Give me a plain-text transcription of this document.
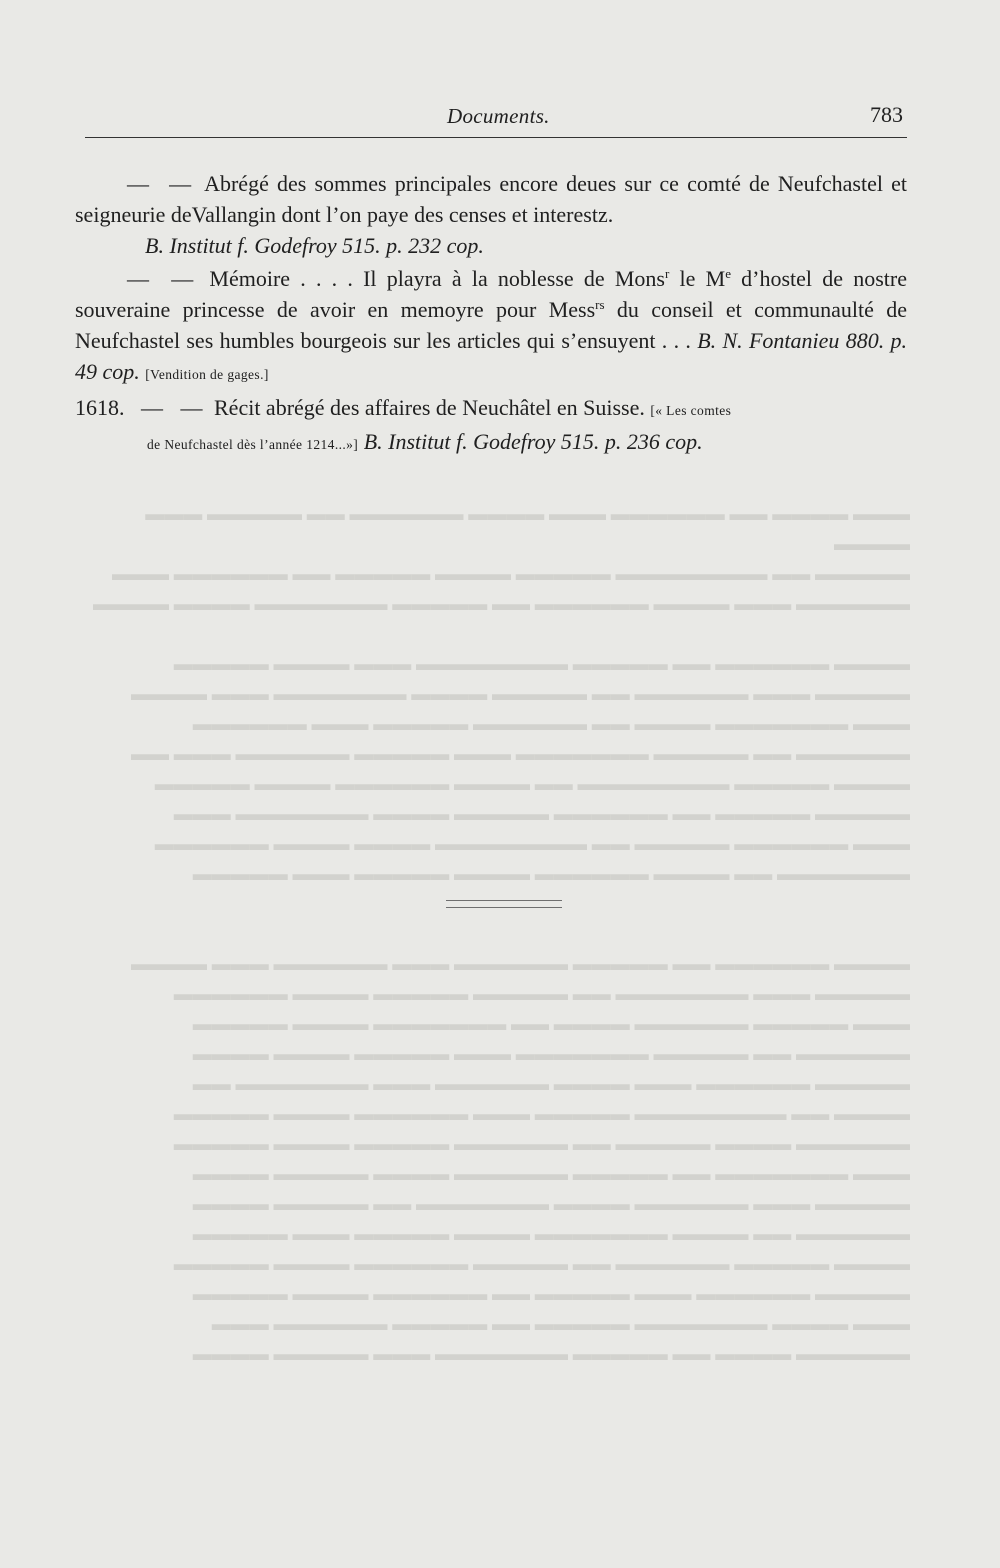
▬▬▬ ▬▬▬▬ ▬▬ ▬▬▬▬▬▬ ▬▬▬ ▬▬▬▬ ▬▬▬▬▬▬ ▬▬ ▬▬▬▬▬ ▬▬▬ ▬▬▬▬
▬▬▬▬▬ ▬▬ ▬▬▬▬▬▬▬▬ ▬▬▬▬▬ ▬▬▬▬ ▬▬▬▬▬ ▬▬ ▬▬▬▬▬▬ ▬▬▬
▬▬▬▬▬▬ ▬▬▬ ▬▬▬▬ ▬▬▬▬▬▬ ▬▬ ▬▬▬▬▬ ▬▬▬▬▬▬▬ ▬▬▬▬ ▬▬▬▬
▬▬▬▬ ▬▬▬▬▬▬ ▬▬ ▬▬▬▬▬ ▬▬▬▬▬▬▬▬ ▬▬▬ ▬▬▬▬ ▬▬▬▬▬
▬▬▬▬▬ ▬▬▬ ▬▬▬▬▬▬ ▬▬ ▬▬▬▬▬ ▬▬▬▬ ▬▬▬▬▬▬▬ ▬▬▬ ▬▬▬▬
▬▬▬ ▬▬▬▬▬▬▬ ▬▬▬▬ ▬▬ ▬▬▬▬▬▬ ▬▬▬▬▬ ▬▬▬ ▬▬▬▬▬▬
▬▬▬▬▬▬ ▬▬ ▬▬▬▬▬ ▬▬▬▬▬▬▬ ▬▬▬ ▬▬▬▬▬ ▬▬▬▬▬▬ ▬▬▬ ▬▬
▬▬▬▬ ▬▬▬▬▬ ▬▬▬▬▬▬▬▬ ▬▬ ▬▬▬▬ ▬▬▬▬▬▬ ▬▬▬▬ ▬▬▬▬▬
▬▬▬▬▬ ▬▬▬▬▬ ▬▬ ▬▬▬▬▬▬ ▬▬▬▬▬ ▬▬▬▬ ▬▬▬▬▬▬▬ ▬▬▬
▬▬▬ ▬▬▬▬▬▬ ▬▬▬▬▬ ▬▬ ▬▬▬▬▬▬▬▬ ▬▬▬▬ ▬▬▬▬ ▬▬▬▬▬▬
▬▬▬▬▬▬▬ ▬▬ ▬▬▬▬ ▬▬▬▬▬▬ ▬▬▬▬ ▬▬▬▬▬ ▬▬▬ ▬▬▬▬▬
▬▬▬▬ ▬▬▬▬▬▬ ▬▬ ▬▬▬▬▬ ▬▬▬▬▬▬ ▬▬▬ ▬▬▬▬▬▬ ▬▬▬ ▬▬▬▬
▬▬▬▬▬ ▬▬▬ ▬▬▬▬▬▬▬ ▬▬ ▬▬▬▬▬ ▬▬▬▬▬ ▬▬▬▬ ▬▬▬▬▬▬
▬▬▬ ▬▬▬▬▬ ▬▬▬▬▬▬ ▬▬▬▬ ▬▬ ▬▬▬▬▬▬▬ ▬▬▬▬ ▬▬▬▬▬
▬▬▬▬▬▬ ▬▬ ▬▬▬▬▬ ▬▬▬▬▬▬▬ ▬▬▬ ▬▬▬▬▬ ▬▬▬▬ ▬▬▬▬
▬▬▬▬▬ ▬▬▬▬▬▬ ▬▬▬ ▬▬▬▬ ▬▬▬▬▬▬ ▬▬▬ ▬▬▬▬▬▬▬ ▬▬
▬▬▬▬ ▬▬ ▬▬▬▬▬▬▬▬ ▬▬▬▬▬ ▬▬▬ ▬▬▬▬▬▬ ▬▬▬▬ ▬▬▬▬▬
▬▬▬▬▬▬ ▬▬▬▬ ▬▬▬▬▬ ▬▬ ▬▬▬▬▬▬ ▬▬▬▬▬ ▬▬▬▬ ▬▬▬▬▬
▬▬▬ ▬▬▬▬▬▬▬ ▬▬ ▬▬▬▬▬ ▬▬▬▬▬▬ ▬▬▬▬ ▬▬▬▬▬ ▬▬▬▬
▬▬▬▬▬ ▬▬▬ ▬▬▬▬▬▬ ▬▬▬▬ ▬▬▬▬▬▬▬ ▬▬ ▬▬▬▬▬ ▬▬▬▬
▬▬▬▬▬▬ ▬▬ ▬▬▬▬ ▬▬▬▬▬▬▬ ▬▬▬▬ ▬▬▬▬▬ ▬▬▬ ▬▬▬▬▬
▬▬▬▬ ▬▬▬▬▬ ▬▬▬▬▬▬ ▬▬ ▬▬▬▬▬ ▬▬▬▬▬▬ ▬▬▬▬ ▬▬▬▬▬
▬▬▬▬▬ ▬▬▬▬▬▬ ▬▬▬ ▬▬▬▬▬ ▬▬ ▬▬▬▬▬▬ ▬▬▬▬ ▬▬▬▬▬
▬▬▬ ▬▬▬▬ ▬▬▬▬▬▬▬ ▬▬▬▬▬ ▬▬ ▬▬▬▬▬ ▬▬▬▬▬▬ ▬▬▬
▬▬▬▬▬▬ ▬▬▬▬ ▬▬ ▬▬▬▬▬ ▬▬▬▬▬▬▬ ▬▬▬ ▬▬▬▬▬ ▬▬▬▬
Documents.	783
— — Abrégé des sommes principales encore deues sur ce comté de Neufchastel et seigneurie deVallangin dont l’on paye des censes et interestz.
B. Institut f. Godefroy 515. p. 232 cop.
— — Mémoire . . . . Il playra à la noblesse de Mons$^r$ le Me d’hostel de nostre souveraine princesse de avoir en memoyre pour Mess$^{rs}$ du conseil et communaulté de Neufchastel ses humbles bourgeois sur les articles qui s’ensuyent . . . B. N. Fontanieu 880. p. 49 cop. [Vendition de gages.]
1618. — — Récit abrégé des affaires de Neuchâtel en Suisse. [« Les comtes
de Neufchastel dès l’année 1214...»] B. Institut f. Godefroy 515. p. 236 cop.
